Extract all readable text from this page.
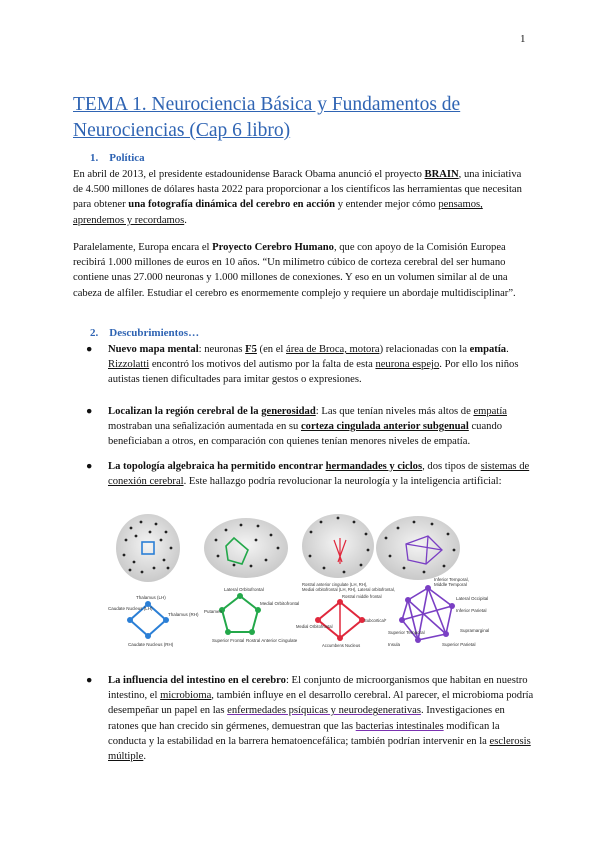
1
TEMA 1. Neurociencia Básica y Fundamentos de
Neurociencias (Cap 6 libro)
1. Política
En abril de 2013, el presidente estadounidense Barack Obama anunció el proyecto BRAIN, una iniciativa de 4.500 millones de dólares hasta 2022 para proporcionar a los científicos las herramientas que necesitan para obtener una fotografía dinámica del cerebro en acción y entender mejor cómo pensamos, aprendemos y recordamos.
Paralelamente, Europa encara el Proyecto Cerebro Humano, que con apoyo de la Comisión Europea recibirá 1.000 millones de euros en 10 años. “Un milímetro cúbico de corteza cerebral del ser humano contiene unas 27.000 neuronas y 1.000 millones de conexiones. Y eso en un volumen similar al de una cabeza de alfiler. Estudiar el cerebro es enormemente complejo y requiere un abordaje multidisciplinar”.
2. Descubrimientos…
●	Nuevo mapa mental: neuronas F5 (en el área de Broca, motora) relacionadas con la empatía. Rizzolatti encontró los motivos del autismo por la falta de esta neurona espejo. Por ello los niños autistas tienen dificultades para imitar gestos o expresiones.
●	Localizan la región cerebral de la generosidad: Las que tenían niveles más altos de empatía mostraban una señalización aumentada en su corteza cingulada anterior subgenual cuando beneficiaban a otros, en comparación con quienes tenían menores niveles de empatía.
●	La topología algebraica ha permitido encontrar hermandades y ciclos, dos tipos de sistemas de conexión cerebral. Este hallazgo podría revolucionar la neurología y la inteligencia artificial:
Thalamus (LH)
Caudate Nucleus (LH)
Thalamus (RH)
Caudate Nucleus (RH)
Lateral Orbitofrontal
Medial Orbitofrontal
Putamen
Superior Frontal Rostral Anterior Cingulate
Rostral anterior cingulate (LH, RH),
Medial orbitofrontal (LH, RH), Lateral orbitofrontal,
Rostral middle frontal
Medial Orbitofrontal
Subcortical*
Accumbens Nucleus
Inferior Temporal,
Middle Temporal
Lateral Occipital
Inferior Parietal
Supramarginal
Superior Parietal
Superior Temporal
Insula
●	La influencia del intestino en el cerebro: El conjunto de microorganismos que habitan en nuestro intestino, el microbioma, también influye en el desarrollo cerebral. Al parecer, el microbioma podría desempeñar un papel en las enfermedades psíquicas y neurodegenerativas. Investigaciones en ratones que han crecido sin gérmenes, demuestran que las bacterias intestinales modifican la conducta y la estabilidad en la barrera hematoencefálica; también podrían intervenir en la esclerosis múltiple.
